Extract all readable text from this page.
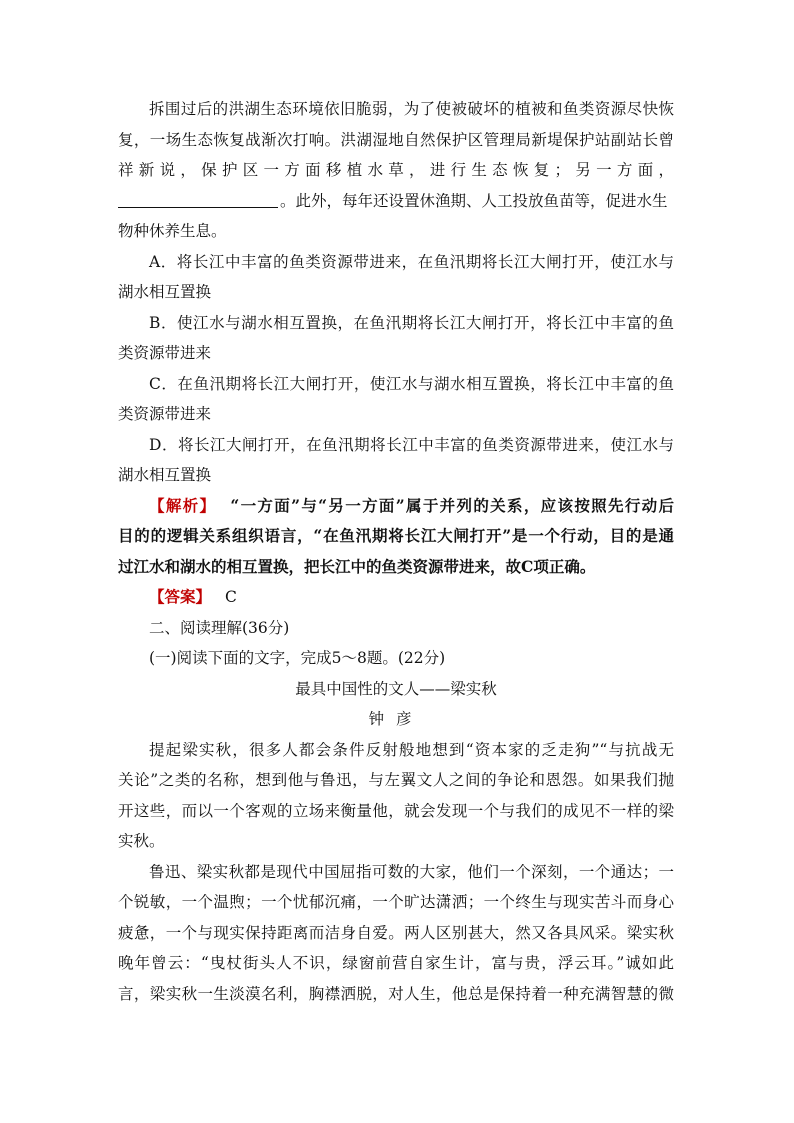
拆围过后的洪湖生态环境依旧脆弱，为了使被破坏的植被和鱼类资源尽快恢

复，一场生态恢复战渐次打响。洪湖湿地自然保护区管理局新堤保护站副站长曾

祥新说，保护区一方面移植水草，进行生态恢复；另一方面，

。此外，每年还设置休渔期、人工投放鱼苗等，促进水生

物种休养生息。

A．将长江中丰富的鱼类资源带进来，在鱼汛期将长江大闸打开，使江水与

湖水相互置换

B．使江水与湖水相互置换，在鱼汛期将长江大闸打开，将长江中丰富的鱼

类资源带进来

C．在鱼汛期将长江大闸打开，使江水与湖水相互置换，将长江中丰富的鱼

类资源带进来

D．将长江大闸打开，在鱼汛期将长江中丰富的鱼类资源带进来，使江水与

湖水相互置换

【解析】 “一方面”与“另一方面”属于并列的关系，应该按照先行动后

目的的逻辑关系组织语言，“在鱼汛期将长江大闸打开”是一个行动，目的是通

过江水和湖水的相互置换，把长江中的鱼类资源带进来，故C项正确。

【答案】 C

二、阅读理解(36分)

(一)阅读下面的文字，完成5～8题。(22分)

最具中国性的文人——梁实秋

钟彦

提起梁实秋，很多人都会条件反射般地想到“资本家的乏走狗”“与抗战无

关论”之类的名称，想到他与鲁迅，与左翼文人之间的争论和恩怨。如果我们抛

开这些，而以一个客观的立场来衡量他，就会发现一个与我们的成见不一样的梁

实秋。

鲁迅、梁实秋都是现代中国屈指可数的大家，他们一个深刻，一个通达；一

个锐敏，一个温煦；一个忧郁沉痛，一个旷达潇洒；一个终生与现实苦斗而身心

疲惫，一个与现实保持距离而洁身自爱。两人区别甚大，然又各具风采。梁实秋

晚年曾云：“曳杖街头人不识，绿窗前营自家生计，富与贵，浮云耳。”诚如此

言，梁实秋一生淡漠名利，胸襟洒脱，对人生，他总是保持着一种充满智慧的微
